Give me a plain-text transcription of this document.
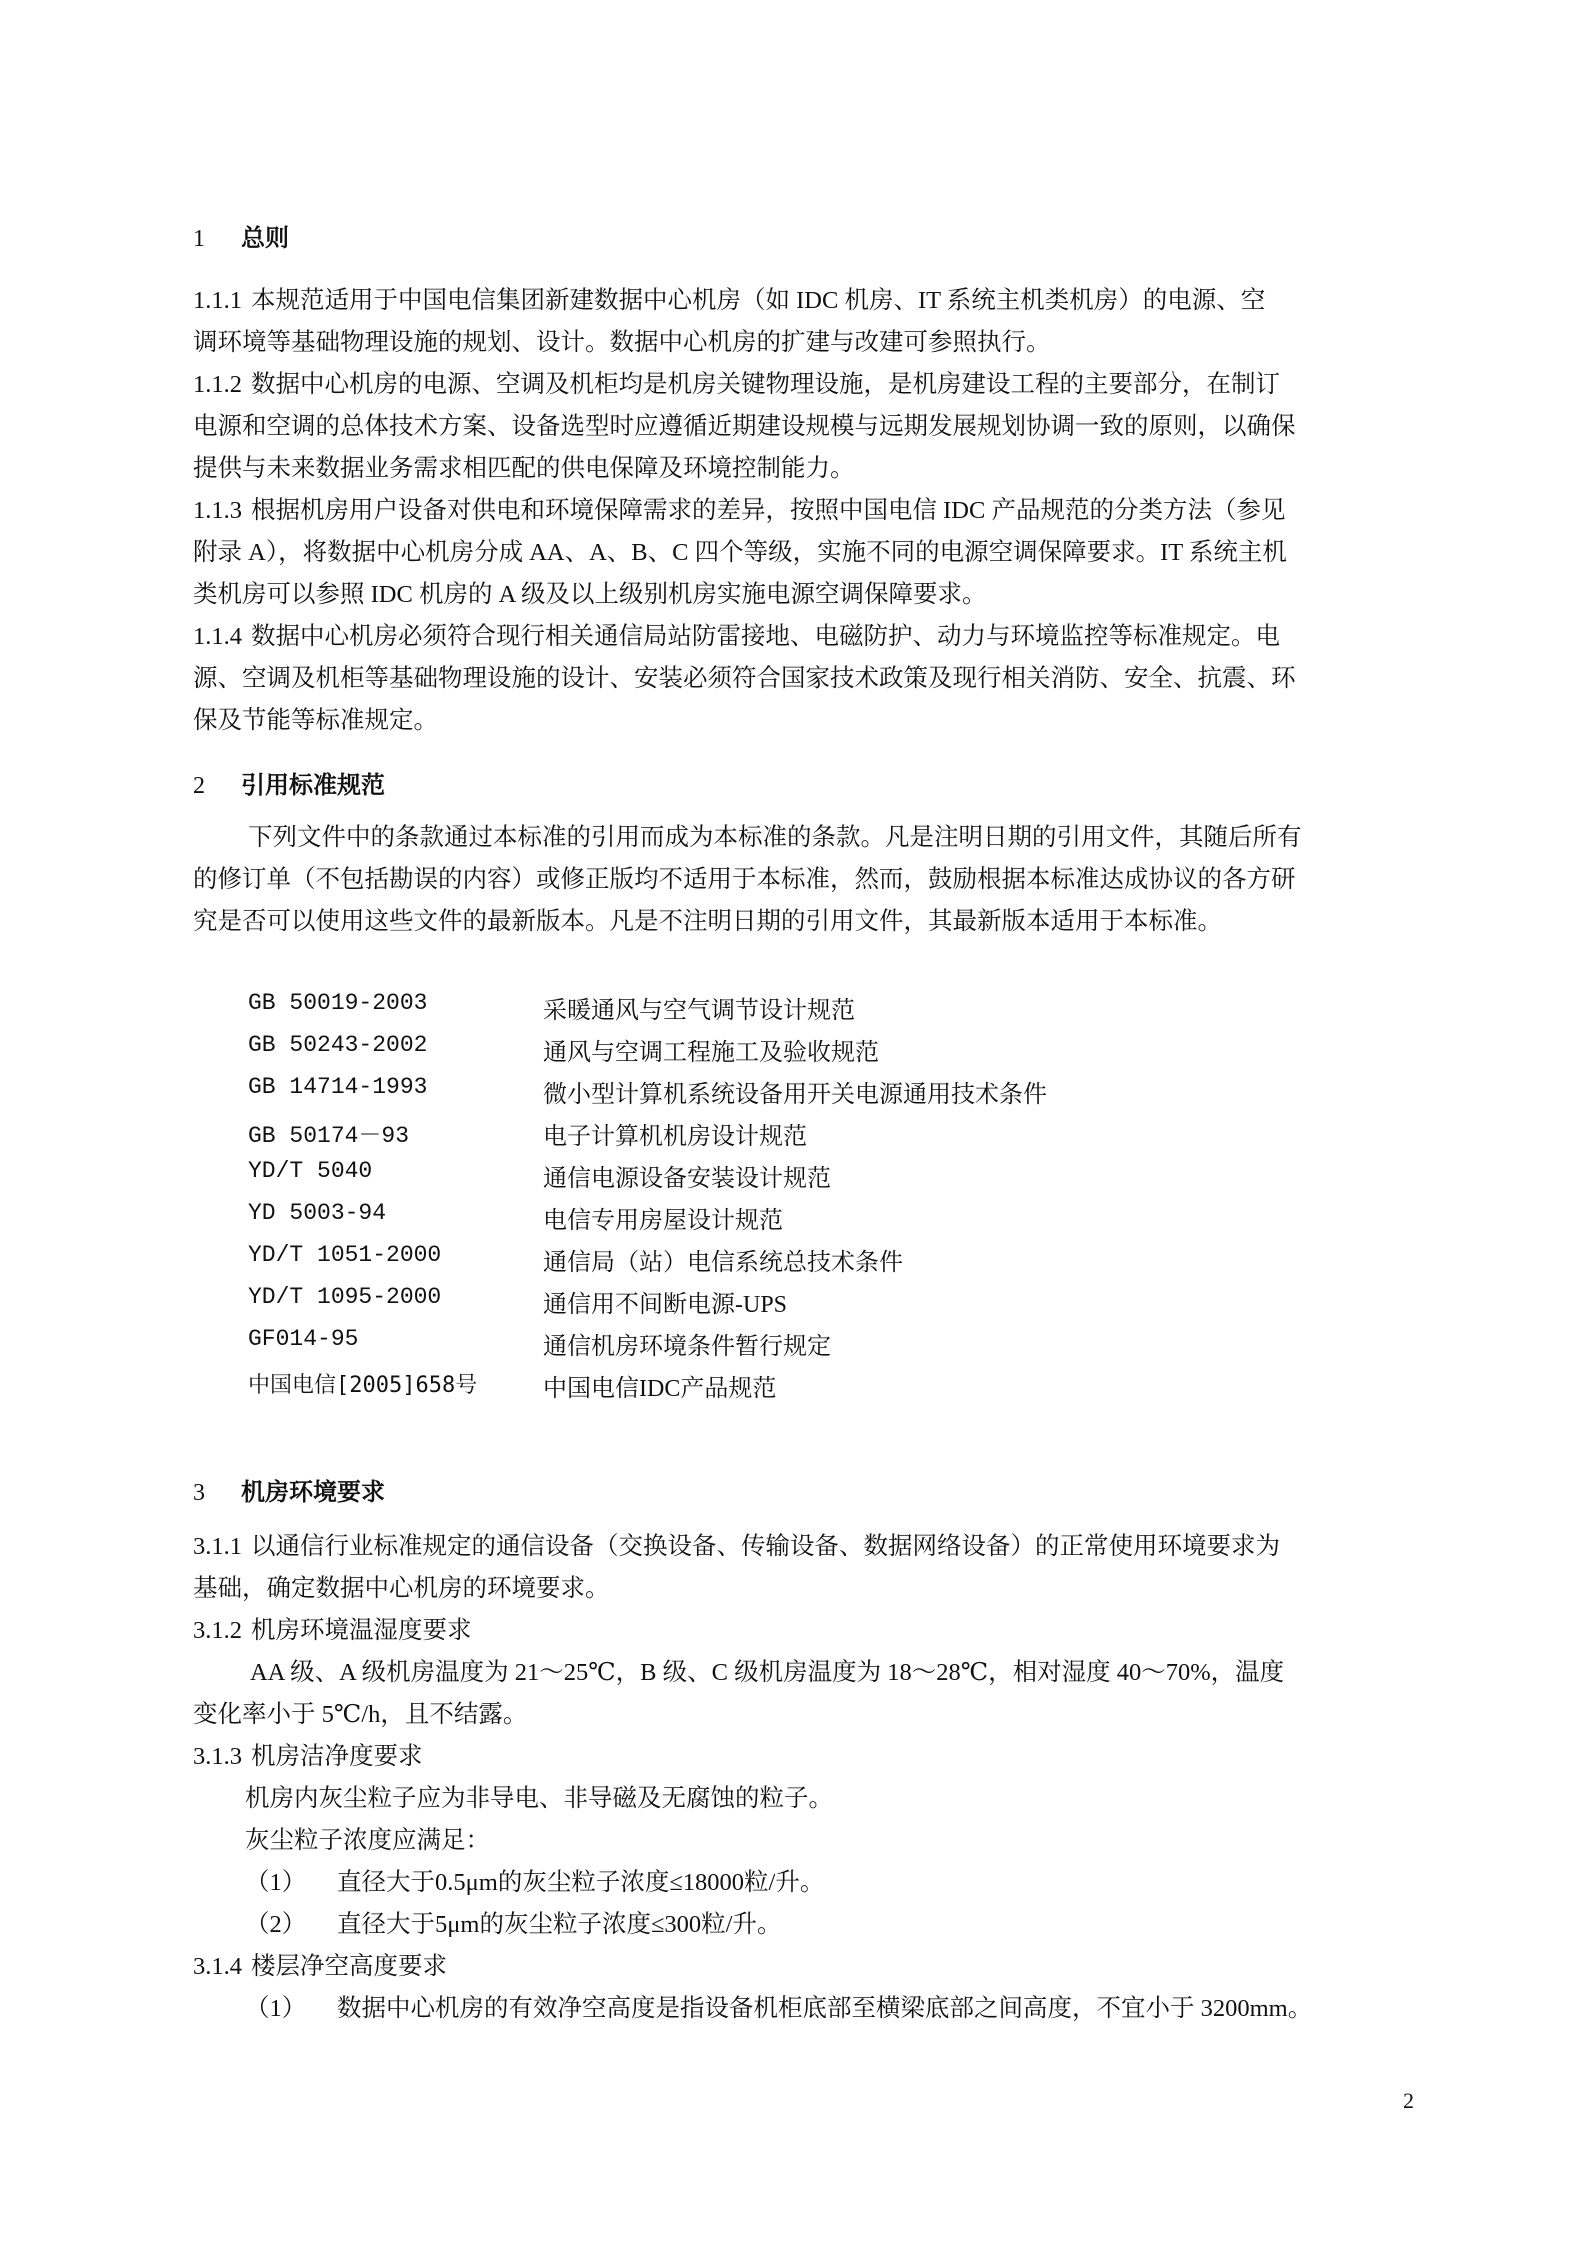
1 总则
1.1.1 本规范适用于中国电信集团新建数据中心机房（如 IDC 机房、IT 系统主机类机房）的电源、空
调环境等基础物理设施的规划、设计。数据中心机房的扩建与改建可参照执行。
1.1.2 数据中心机房的电源、空调及机柜均是机房关键物理设施，是机房建设工程的主要部分，在制订
电源和空调的总体技术方案、设备选型时应遵循近期建设规模与远期发展规划协调一致的原则，以确保
提供与未来数据业务需求相匹配的供电保障及环境控制能力。
1.1.3 根据机房用户设备对供电和环境保障需求的差异，按照中国电信 IDC 产品规范的分类方法（参见
附录 A），将数据中心机房分成 AA、A、B、C 四个等级，实施不同的电源空调保障要求。IT 系统主机
类机房可以参照 IDC 机房的 A 级及以上级别机房实施电源空调保障要求。
1.1.4 数据中心机房必须符合现行相关通信局站防雷接地、电磁防护、动力与环境监控等标准规定。电
源、空调及机柜等基础物理设施的设计、安装必须符合国家技术政策及现行相关消防、安全、抗震、环
保及节能等标准规定。
2 引用标准规范
下列文件中的条款通过本标准的引用而成为本标准的条款。凡是注明日期的引用文件，其随后所有
的修订单（不包括勘误的内容）或修正版均不适用于本标准，然而，鼓励根据本标准达成协议的各方研
究是否可以使用这些文件的最新版本。凡是不注明日期的引用文件，其最新版本适用于本标准。
GB 50019-2003	采暖通风与空气调节设计规范
GB 50243-2002	通风与空调工程施工及验收规范
GB 14714-1993	微小型计算机系统设备用开关电源通用技术条件
GB 50174－93	电子计算机机房设计规范
YD/T 5040	通信电源设备安装设计规范
YD 5003-94	电信专用房屋设计规范
YD/T 1051-2000	通信局（站）电信系统总技术条件
YD/T 1095-2000	通信用不间断电源-UPS
GF014-95	通信机房环境条件暂行规定
中国电信[2005]658号	中国电信IDC产品规范
3 机房环境要求
3.1.1 以通信行业标准规定的通信设备（交换设备、传输设备、数据网络设备）的正常使用环境要求为
基础，确定数据中心机房的环境要求。
3.1.2 机房环境温湿度要求
AA 级、A 级机房温度为 21～25℃，B 级、C 级机房温度为 18～28℃，相对湿度 40～70%，温度
变化率小于 5℃/h，且不结露。
3.1.3 机房洁净度要求
机房内灰尘粒子应为非导电、非导磁及无腐蚀的粒子。
灰尘粒子浓度应满足：
（1） 直径大于0.5μm的灰尘粒子浓度≤18000粒/升。
（2） 直径大于5μm的灰尘粒子浓度≤300粒/升。
3.1.4 楼层净空高度要求
（1） 数据中心机房的有效净空高度是指设备机柜底部至横梁底部之间高度，不宜小于 3200mm。
2
